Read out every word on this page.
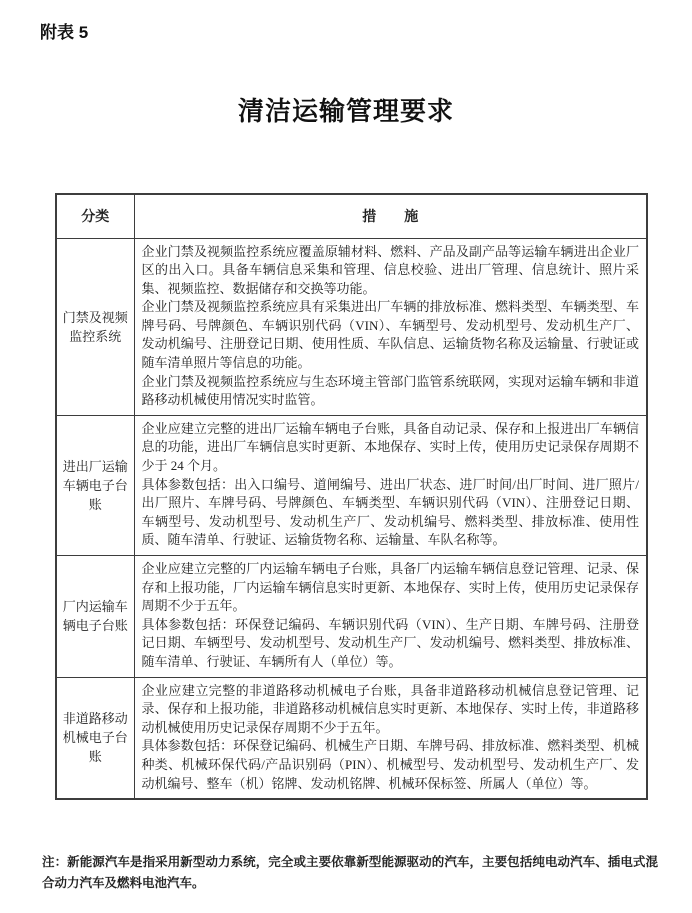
附表 5
清洁运输管理要求
分类	措　　施
门禁及视频监控系统	企业门禁及视频监控系统应覆盖原辅材料、燃料、产品及副产品等运输车辆进出企业厂区的出入口。具备车辆信息采集和管理、信息校验、进出厂管理、信息统计、照片采集、视频监控、数据储存和交换等功能。

企业门禁及视频监控系统应具有采集进出厂车辆的排放标准、燃料类型、车辆类型、车牌号码、号牌颜色、车辆识别代码（VIN）、车辆型号、发动机型号、发动机生产厂、发动机编号、注册登记日期、使用性质、车队信息、运输货物名称及运输量、行驶证或随车清单照片等信息的功能。

企业门禁及视频监控系统应与生态环境主管部门监管系统联网，实现对运输车辆和非道路移动机械使用情况实时监管。

进出厂运输车辆电子台账	企业应建立完整的进出厂运输车辆电子台账，具备自动记录、保存和上报进出厂车辆信息的功能，进出厂车辆信息实时更新、本地保存、实时上传，使用历史记录保存周期不少于 24 个月。

具体参数包括：出入口编号、道闸编号、进出厂状态、进厂时间/出厂时间、进厂照片/出厂照片、车牌号码、号牌颜色、车辆类型、车辆识别代码（VIN）、注册登记日期、车辆型号、发动机型号、发动机生产厂、发动机编号、燃料类型、排放标准、使用性质、随车清单、行驶证、运输货物名称、运输量、车队名称等。

厂内运输车辆电子台账	企业应建立完整的厂内运输车辆电子台账，具备厂内运输车辆信息登记管理、记录、保存和上报功能，厂内运输车辆信息实时更新、本地保存、实时上传，使用历史记录保存周期不少于五年。

具体参数包括：环保登记编码、车辆识别代码（VIN）、生产日期、车牌号码、注册登记日期、车辆型号、发动机型号、发动机生产厂、发动机编号、燃料类型、排放标准、随车清单、行驶证、车辆所有人（单位）等。

非道路移动机械电子台账	企业应建立完整的非道路移动机械电子台账，具备非道路移动机械信息登记管理、记录、保存和上报功能，非道路移动机械信息实时更新、本地保存、实时上传，非道路移动机械使用历史记录保存周期不少于五年。

具体参数包括：环保登记编码、机械生产日期、车牌号码、排放标准、燃料类型、机械种类、机械环保代码/产品识别码（PIN）、机械型号、发动机型号、发动机生产厂、发动机编号、整车（机）铭牌、发动机铭牌、机械环保标签、所属人（单位）等。

注：新能源汽车是指采用新型动力系统，完全或主要依靠新型能源驱动的汽车，主要包括纯电动汽车、插电式混合动力汽车及燃料电池汽车。
